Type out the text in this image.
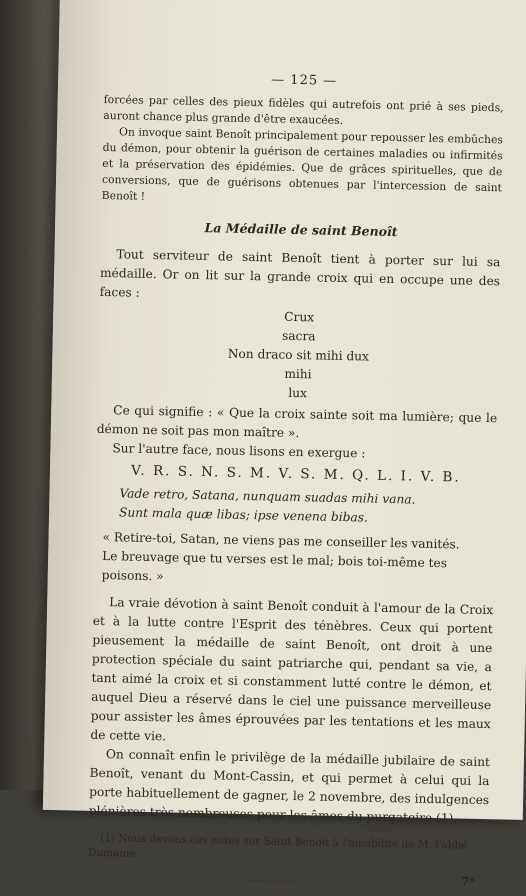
— 125 —

forcées par celles des pieux fidèles qui autrefois ont prié à ses pieds, auront chance plus grande d'être exaucées.

On invoque saint Benoît principalement pour repousser les embûches du démon, pour obtenir la guérison de certaines maladies ou infirmités et la préservation des épidémies. Que de grâces spirituelles, que de conversions, que de guérisons obtenues par l'intercession de saint Benoît !

La Médaille de saint Benoît

Tout serviteur de saint Benoît tient à porter sur lui sa médaille. Or on lit sur la grande croix qui en occupe une des faces :

Crux
sacra
Non draco sit mihi dux
mihi
lux

Ce qui signifie : « Que la croix sainte soit ma lumière; que le démon ne soit pas mon maître ».

Sur l'autre face, nous lisons en exergue :

V. R. S. N. S. M. V. S. M. Q. L. I. V. B.
Vade retro, Satana, nunquam suadas mihi vana.
Sunt mala quæ libas; ipse venena bibas.
« Retire-toi, Satan, ne viens pas me conseiller les vanités.
Le breuvage que tu verses est le mal; bois toi-même tes poisons. »

La vraie dévotion à saint Benoît conduit à l'amour de la Croix et à la lutte contre l'Esprit des ténèbres. Ceux qui portent pieusement la médaille de saint Benoît, ont droit à une protection spéciale du saint patriarche qui, pendant sa vie, a tant aimé la croix et si constamment lutté contre le démon, et auquel Dieu a réservé dans le ciel une puissance merveilleuse pour assister les âmes éprouvées par les tentations et les maux de cette vie.

On connaît enfin le privilège de la médaille jubilaire de saint Benoît, venant du Mont-Cassin, et qui permet à celui qui la porte habituellement de gagner, le 2 novembre, des indulgences plénières très nombreuses pour les âmes du purgatoire (1).

(1) Nous devons ces notes sur Saint Benoît à l'amabilité de M. l'abbé Dumaine.

7*
